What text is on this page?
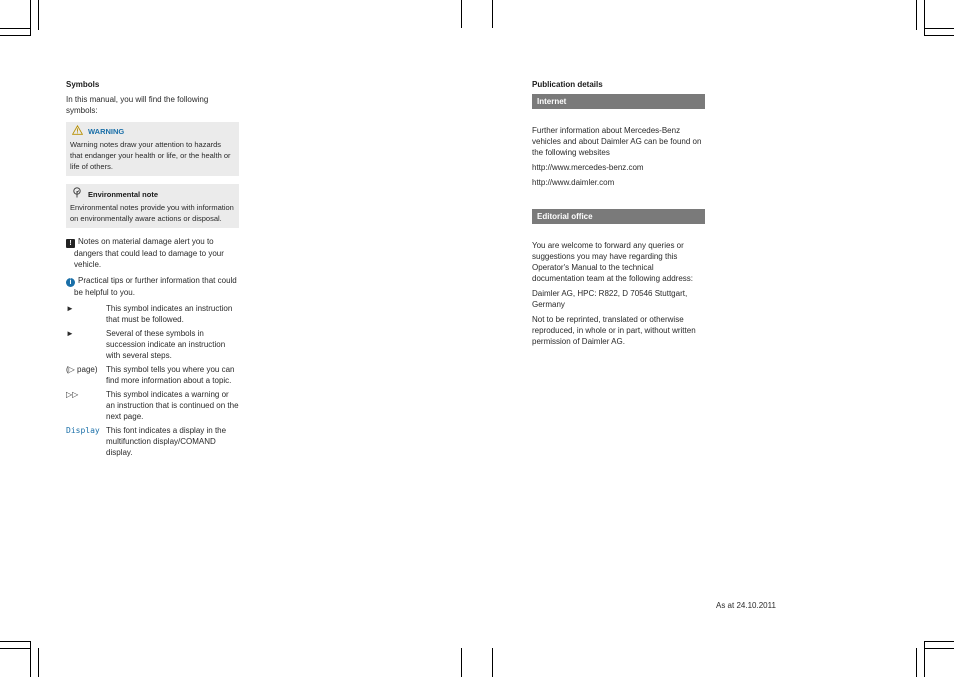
Symbols
In this manual, you will find the following symbols:
WARNING
Warning notes draw your attention to hazards that endanger your health or life, or the health or life of others.
Environmental note
Environmental notes provide you with information on environmentally aware actions or disposal.
! Notes on material damage alert you to dangers that could lead to damage to your vehicle.
i Practical tips or further information that could be helpful to you.
►	This symbol indicates an instruction that must be followed.
►	Several of these symbols in succession indicate an instruction with several steps.
(▷ page)	This symbol tells you where you can find more information about a topic.
▷▷	This symbol indicates a warning or an instruction that is continued on the next page.
Display This font indicates a display in the multifunction display/COMAND display.
Publication details
Internet
Further information about Mercedes-Benz vehicles and about Daimler AG can be found on the following websites
http://www.mercedes-benz.com
http://www.daimler.com
Editorial office
You are welcome to forward any queries or suggestions you may have regarding this Operator's Manual to the technical documentation team at the following address:
Daimler AG, HPC: R822, D 70546 Stuttgart, Germany
Not to be reprinted, translated or otherwise reproduced, in whole or in part, without written permission of Daimler AG.
As at 24.10.2011
